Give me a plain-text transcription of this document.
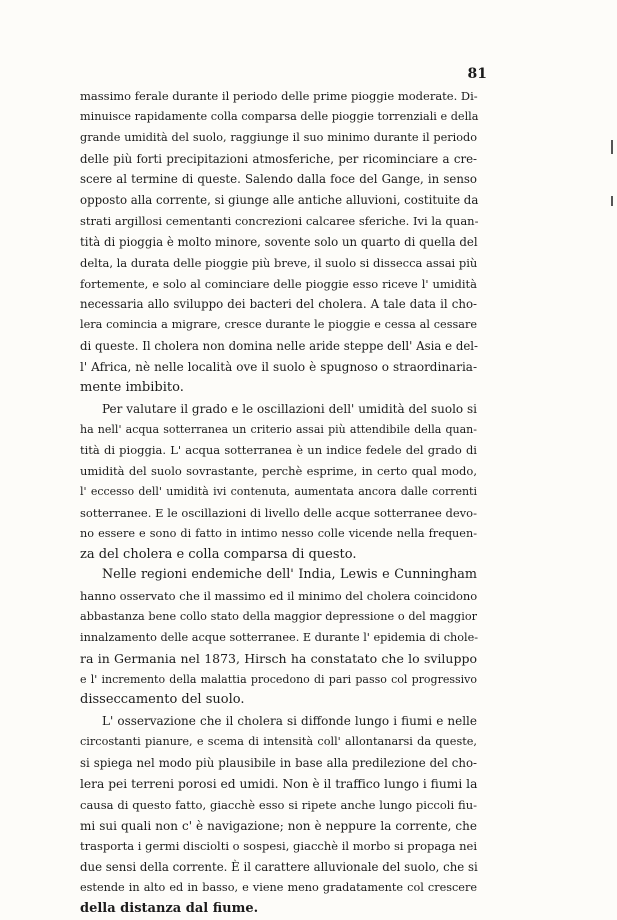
81
massimo ferale durante il periodo delle prime pioggie moderate. Di-
minuisce rapidamente colla comparsa delle pioggie torrenziali e della
grande umidità del suolo, raggiunge il suo minimo durante il periodo
delle più forti precipitazioni atmosferiche, per ricominciare a cre-
scere al termine di queste. Salendo dalla foce del Gange, in senso
opposto alla corrente, si giunge alle antiche alluvioni, costituite da
strati argillosi cementanti concrezioni calcaree sferiche. Ivi la quan-
tità di pioggia è molto minore, sovente solo un quarto di quella del
delta, la durata delle pioggie più breve, il suolo si dissecca assai più
fortemente, e solo al cominciare delle pioggie esso riceve l' umidità
necessaria allo sviluppo dei bacteri del cholera. A tale data il cho-
lera comincia a migrare, cresce durante le pioggie e cessa al cessare
di queste. Il cholera non domina nelle aride steppe dell' Asia e del-
l' Africa, nè nelle località ove il suolo è spugnoso o straordinaria-
mente imbibito.
Per valutare il grado e le oscillazioni dell' umidità del suolo si
ha nell' acqua sotterranea un criterio assai più attendibile della quan-
tità di pioggia. L' acqua sotterranea è un indice fedele del grado di
umidità del suolo sovrastante, perchè esprime, in certo qual modo,
l' eccesso dell' umidità ivi contenuta, aumentata ancora dalle correnti
sotterranee. E le oscillazioni di livello delle acque sotterranee devo-
no essere e sono di fatto in intimo nesso colle vicende nella frequen-
za del cholera e colla comparsa di questo.
Nelle regioni endemiche dell' India, Lewis e Cunningham
hanno osservato che il massimo ed il minimo del cholera coincidono
abbastanza bene collo stato della maggior depressione o del maggior
innalzamento delle acque sotterranee. E durante l' epidemia di chole-
ra in Germania nel 1873, Hirsch ha constatato che lo sviluppo
e l' incremento della malattia procedono di pari passo col progressivo
disseccamento del suolo.
L' osservazione che il cholera si diffonde lungo i fiumi e nelle
circostanti pianure, e scema di intensità coll' allontanarsi da queste,
si spiega nel modo più plausibile in base alla predilezione del cho-
lera pei terreni porosi ed umidi. Non è il traffico lungo i fiumi la
causa di questo fatto, giacchè esso si ripete anche lungo piccoli fiu-
mi sui quali non c' è navigazione; non è neppure la corrente, che
trasporta i germi disciolti o sospesi, giacchè il morbo si propaga nei
due sensi della corrente. È il carattere alluvionale del suolo, che si
estende in alto ed in basso, e viene meno gradatamente col crescere
della distanza dal fiume.
